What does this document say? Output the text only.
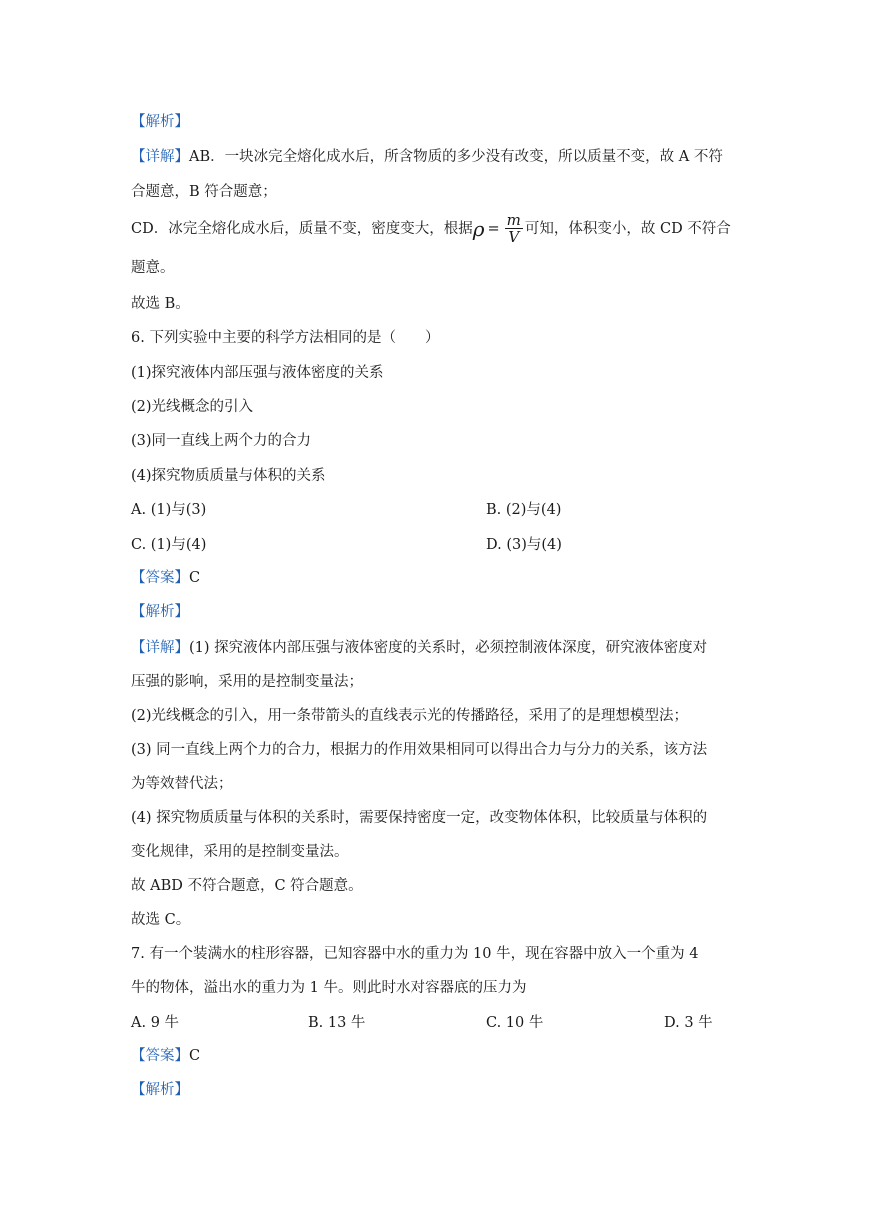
【解析】
【详解】AB．一块冰完全熔化成水后，所含物质的多少没有改变，所以质量不变，故 A 不符
合题意，B 符合题意；
CD．冰完全熔化成水后，质量不变，密度变大，根据$\rho = \frac{m}{V}$ 可知，体积变小，故 CD 不符合
题意。
故选 B。
6. 下列实验中主要的科学方法相同的是（　　）
(1)探究液体内部压强与液体密度的关系
(2)光线概念的引入
(3)同一直线上两个力的合力
(4)探究物质质量与体积的关系
A. (1)与(3)	B. (2)与(4)
C. (1)与(4)	D. (3)与(4)
【答案】C
【解析】
【详解】(1) 探究液体内部压强与液体密度的关系时，必须控制液体深度，研究液体密度对
压强的影响，采用的是控制变量法；
(2)光线概念的引入，用一条带箭头的直线表示光的传播路径，采用了的是理想模型法；
(3) 同一直线上两个力的合力，根据力的作用效果相同可以得出合力与分力的关系，该方法
为等效替代法；
(4) 探究物质质量与体积的关系时，需要保持密度一定，改变物体体积，比较质量与体积的
变化规律，采用的是控制变量法。
故 ABD 不符合题意，C 符合题意。
故选 C。
7. 有一个装满水的柱形容器，已知容器中水的重力为 10 牛，现在容器中放入一个重为 4
牛的物体，溢出水的重力为 1 牛。则此时水对容器底的压力为
A. 9 牛	B. 13 牛	C. 10 牛	D. 3 牛
【答案】C
【解析】
